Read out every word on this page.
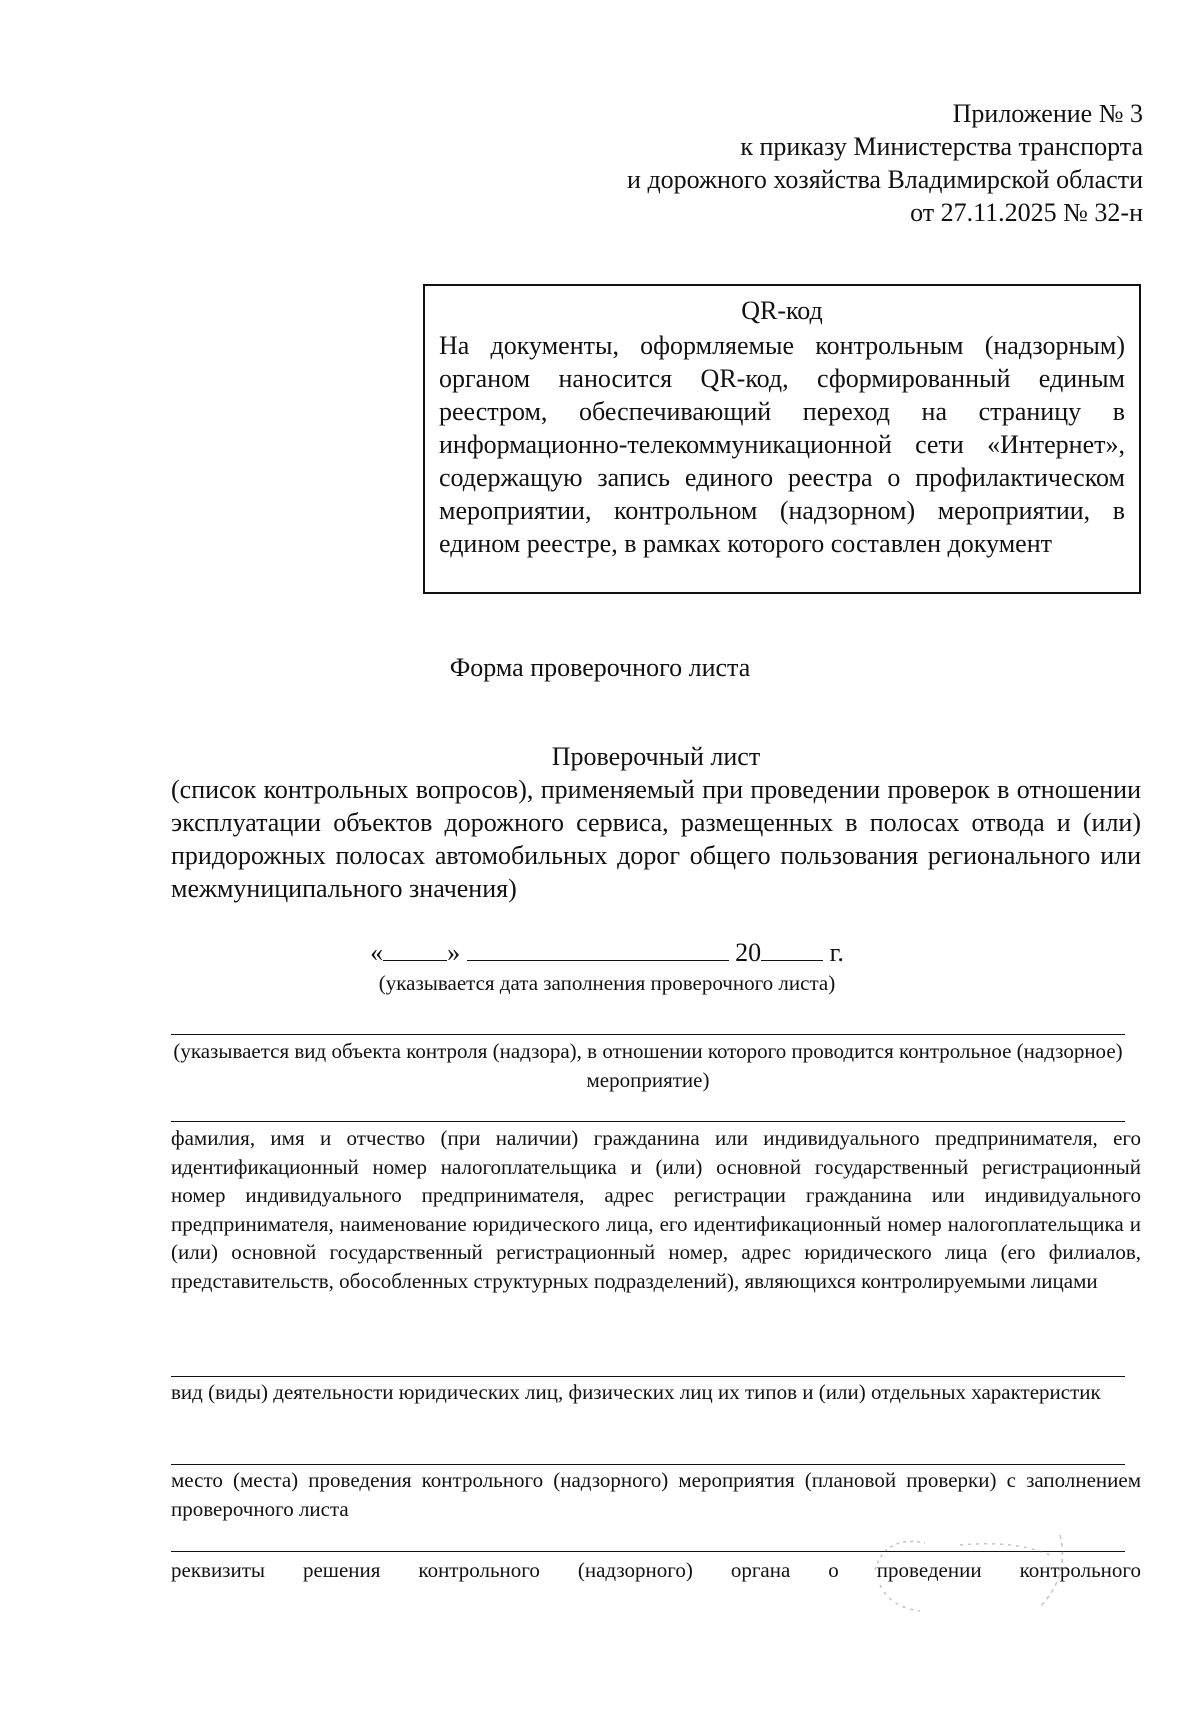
Приложение № 3
к приказу Министерства транспорта
и дорожного хозяйства Владимирской области
от 27.11.2025 № 32-н
QR-код
На документы, оформляемые контрольным (надзорным) органом наносится QR-код, сформированный единым реестром, обеспечивающий переход на страницу в информационно-телекоммуникационной сети «Интернет», содержащую запись единого реестра о профилактическом мероприятии, контрольном (надзорном) мероприятии, в едином реестре, в рамках которого составлен документ
Форма проверочного листа
Проверочный лист
(список контрольных вопросов), применяемый при проведении проверок в отношении эксплуатации объектов дорожного сервиса, размещенных в полосах отвода и (или) придорожных полосах автомобильных дорог общего пользования регионального или межмуниципального значения)
« »	20	г.
(указывается дата заполнения проверочного листа)
(указывается вид объекта контроля (надзора), в отношении которого проводится контрольное (надзорное) мероприятие)
фамилия, имя и отчество (при наличии) гражданина или индивидуального предпринимателя, его идентификационный номер налогоплательщика и (или) основной государственный регистрационный номер индивидуального предпринимателя, адрес регистрации гражданина или индивидуального предпринимателя, наименование юридического лица, его идентификационный номер налогоплательщика и (или) основной государственный регистрационный номер, адрес юридического лица (его филиалов, представительств, обособленных структурных подразделений), являющихся контролируемыми лицами
вид (виды) деятельности юридических лиц, физических лиц их типов и (или) отдельных характеристик
место (места) проведения контрольного (надзорного) мероприятия (плановой проверки) с заполнением проверочного листа
реквизиты решения контрольного (надзорного) органа о проведении контрольного
